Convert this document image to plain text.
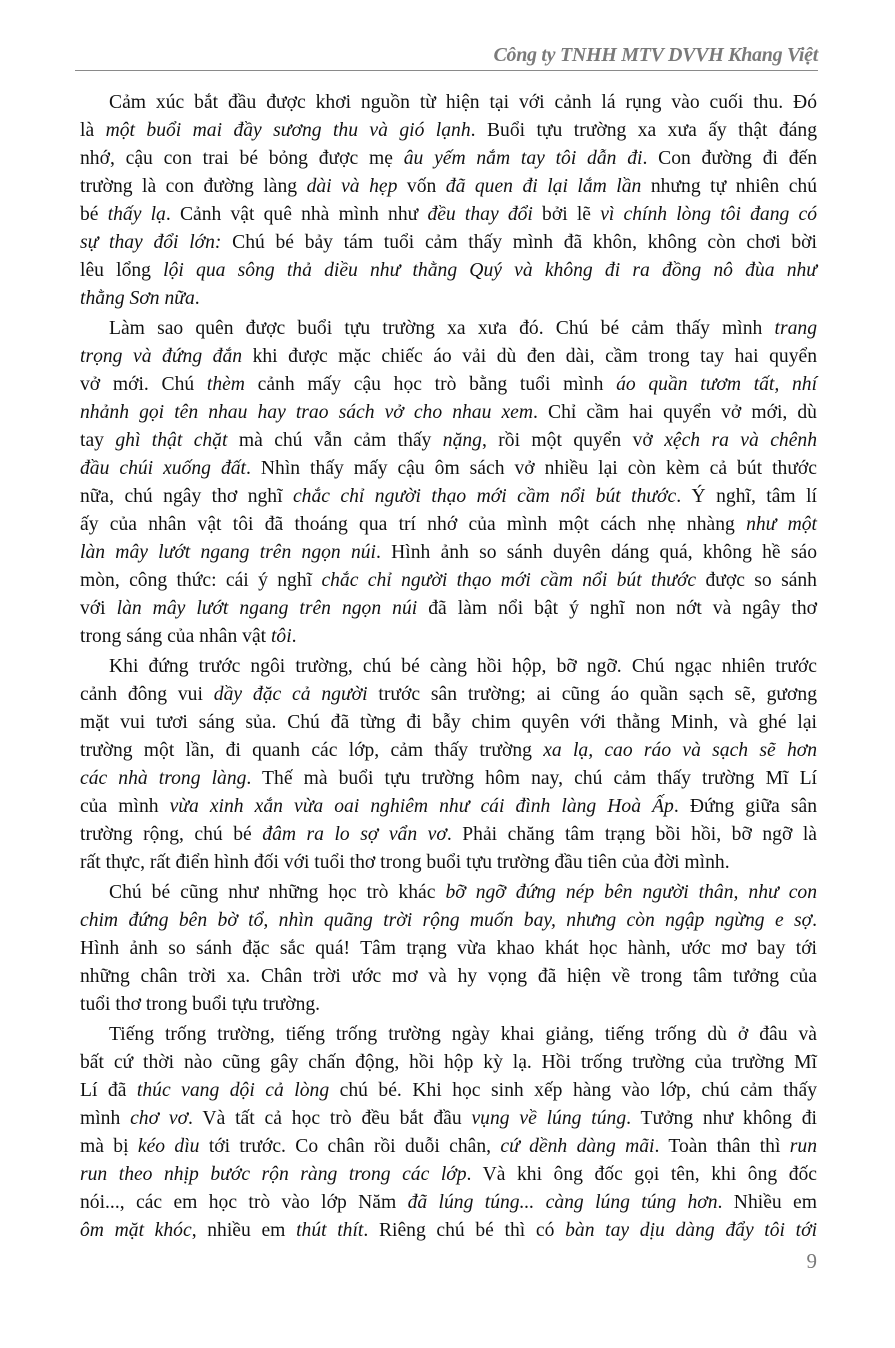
Công ty TNHH MTV DVVH Khang Việt
Cảm xúc bắt đầu được khơi nguồn từ hiện tại với cảnh lá rụng vào cuối thu. Đó
là một buổi mai đầy sương thu và gió lạnh. Buổi tựu trường xa xưa ấy thật đáng
nhớ, cậu con trai bé bỏng được mẹ âu yếm nắm tay tôi dẫn đi. Con đường đi đến
trường là con đường làng dài và hẹp vốn đã quen đi lại lắm lần nhưng tự nhiên chú
bé thấy lạ. Cảnh vật quê nhà mình như đều thay đổi bởi lẽ vì chính lòng tôi đang có
sự thay đổi lớn: Chú bé bảy tám tuổi cảm thấy mình đã khôn, không còn chơi bời
lêu lổng lội qua sông thả diều như thằng Quý và không đi ra đồng nô đùa như
thằng Sơn nữa.
Làm sao quên được buổi tựu trường xa xưa đó. Chú bé cảm thấy mình trang
trọng và đứng đắn khi được mặc chiếc áo vải dù đen dài, cầm trong tay hai quyển
vở mới. Chú thèm cảnh mấy cậu học trò bằng tuổi mình áo quần tươm tất, nhí
nhảnh gọi tên nhau hay trao sách vở cho nhau xem. Chỉ cầm hai quyển vở mới, dù
tay ghì thật chặt mà chú vẫn cảm thấy nặng, rồi một quyển vở xệch ra và chênh
đầu chúi xuống đất. Nhìn thấy mấy cậu ôm sách vở nhiều lại còn kèm cả bút thước
nữa, chú ngây thơ nghĩ chắc chỉ người thạo mới cầm nổi bút thước. Ý nghĩ, tâm lí
ấy của nhân vật tôi đã thoáng qua trí nhớ của mình một cách nhẹ nhàng như một
làn mây lướt ngang trên ngọn núi. Hình ảnh so sánh duyên dáng quá, không hề sáo
mòn, công thức: cái ý nghĩ chắc chỉ người thạo mới cầm nổi bút thước được so sánh
với làn mây lướt ngang trên ngọn núi đã làm nổi bật ý nghĩ non nớt và ngây thơ
trong sáng của nhân vật tôi.
Khi đứng trước ngôi trường, chú bé càng hồi hộp, bỡ ngỡ. Chú ngạc nhiên trước
cảnh đông vui dầy đặc cả người trước sân trường; ai cũng áo quần sạch sẽ, gương
mặt vui tươi sáng sủa. Chú đã từng đi bẫy chim quyên với thằng Minh, và ghé lại
trường một lần, đi quanh các lớp, cảm thấy trường xa lạ, cao ráo và sạch sẽ hơn
các nhà trong làng. Thế mà buổi tựu trường hôm nay, chú cảm thấy trường Mĩ Lí
của mình vừa xinh xắn vừa oai nghiêm như cái đình làng Hoà Ấp. Đứng giữa sân
trường rộng, chú bé đâm ra lo sợ vẩn vơ. Phải chăng tâm trạng bồi hồi, bỡ ngỡ là
rất thực, rất điển hình đối với tuổi thơ trong buổi tựu trường đầu tiên của đời mình.
Chú bé cũng như những học trò khác bỡ ngỡ đứng nép bên người thân, như con
chim đứng bên bờ tổ, nhìn quãng trời rộng muốn bay, nhưng còn ngập ngừng e sợ.
Hình ảnh so sánh đặc sắc quá! Tâm trạng vừa khao khát học hành, ước mơ bay tới
những chân trời xa. Chân trời ước mơ và hy vọng đã hiện về trong tâm tưởng của
tuổi thơ trong buổi tựu trường.
Tiếng trống trường, tiếng trống trường ngày khai giảng, tiếng trống dù ở đâu và
bất cứ thời nào cũng gây chấn động, hồi hộp kỳ lạ. Hồi trống trường của trường Mĩ
Lí đã thúc vang dội cả lòng chú bé. Khi học sinh xếp hàng vào lớp, chú cảm thấy
mình chơ vơ. Và tất cả học trò đều bắt đầu vụng về lúng túng. Tưởng như không đi
mà bị kéo dìu tới trước. Co chân rồi duỗi chân, cứ dềnh dàng mãi. Toàn thân thì run
run theo nhịp bước rộn ràng trong các lớp. Và khi ông đốc gọi tên, khi ông đốc
nói..., các em học trò vào lớp Năm đã lúng túng... càng lúng túng hơn. Nhiều em
ôm mặt khóc, nhiều em thút thít. Riêng chú bé thì có bàn tay dịu dàng đẩy tôi tới
9
